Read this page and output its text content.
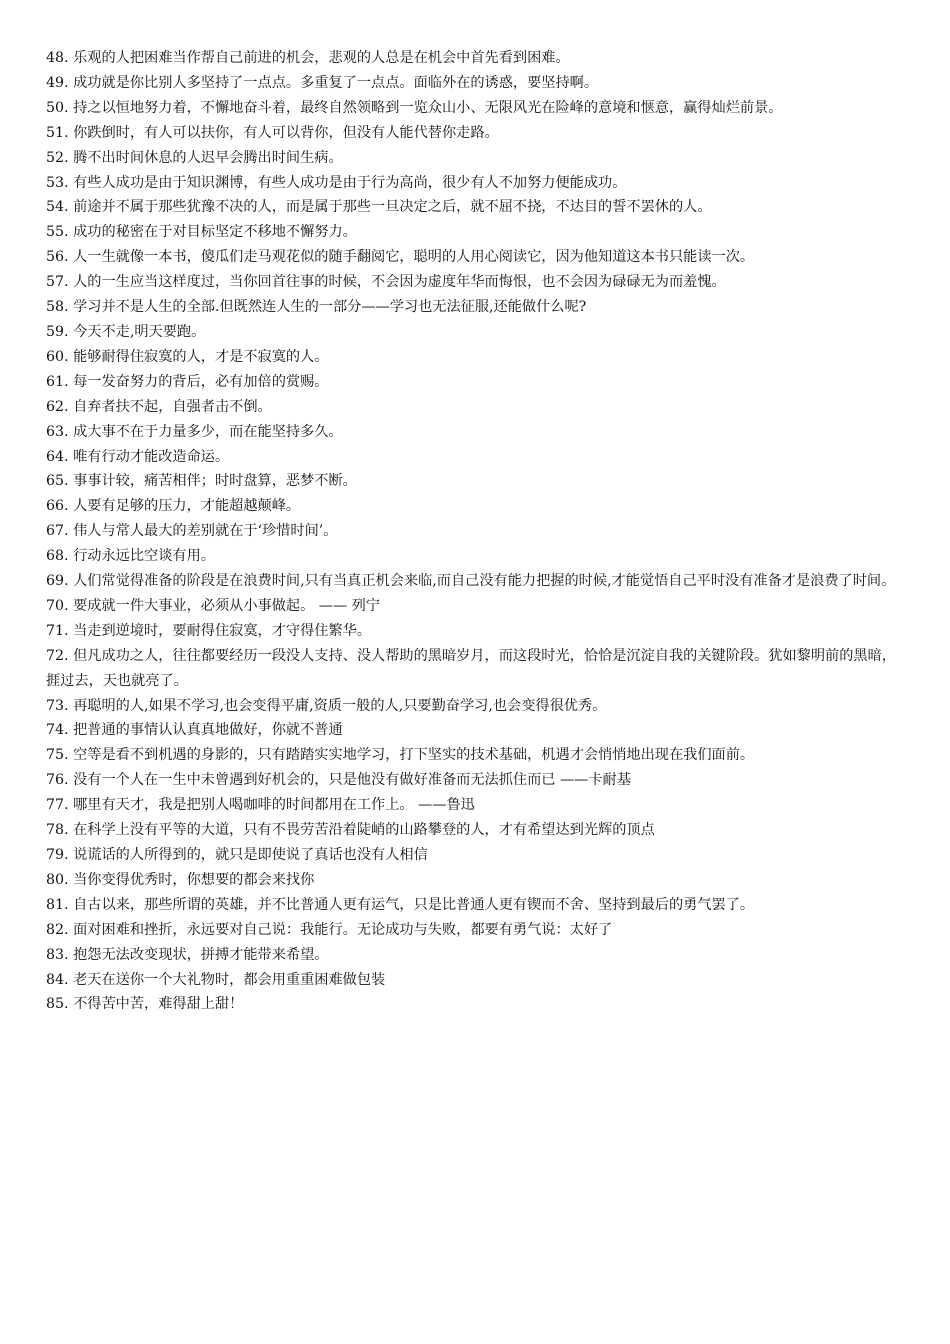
48. 乐观的人把困难当作帮自己前进的机会，悲观的人总是在机会中首先看到困难。

49. 成功就是你比别人多坚持了一点点。多重复了一点点。面临外在的诱惑，要坚持啊。

50. 持之以恒地努力着，不懈地奋斗着，最终自然领略到一览众山小、无限风光在险峰的意境和惬意，赢得灿烂前景。

51. 你跌倒时，有人可以扶你，有人可以背你，但没有人能代替你走路。

52. 腾不出时间休息的人迟早会腾出时间生病。

53. 有些人成功是由于知识渊博，有些人成功是由于行为高尚，很少有人不加努力便能成功。

54. 前途并不属于那些犹豫不决的人，而是属于那些一旦决定之后，就不屈不挠，不达目的誓不罢休的人。

55. 成功的秘密在于对目标坚定不移地不懈努力。

56. 人一生就像一本书，傻瓜们走马观花似的随手翻阅它，聪明的人用心阅读它，因为他知道这本书只能读一次。

57. 人的一生应当这样度过，当你回首往事的时候，不会因为虚度年华而悔恨，也不会因为碌碌无为而羞愧。

58. 学习并不是人生的全部.但既然连人生的一部分——学习也无法征服,还能做什么呢?

59. 今天不走,明天要跑。

60. 能够耐得住寂寞的人，才是不寂寞的人。

61. 每一发奋努力的背后，必有加倍的赏赐。

62. 自弃者扶不起，自强者击不倒。

63. 成大事不在于力量多少，而在能坚持多久。

64. 唯有行动才能改造命运。

65. 事事计较，痛苦相伴；时时盘算，恶梦不断。

66. 人要有足够的压力，才能超越颠峰。

67. 伟人与常人最大的差别就在于‘珍惜时间’。

68. 行动永远比空谈有用。

69. 人们常觉得准备的阶段是在浪费时间,只有当真正机会来临,而自己没有能力把握的时候,才能觉悟自己平时没有准备才是浪费了时间。

70. 要成就一件大事业，必须从小事做起。 —— 列宁

71. 当走到逆境时，要耐得住寂寞，才守得住繁华。

72. 但凡成功之人，往往都要经历一段没人支持、没人帮助的黑暗岁月，而这段时光，恰恰是沉淀自我的关键阶段。犹如黎明前的黑暗，捱过去，天也就亮了。

73. 再聪明的人,如果不学习,也会变得平庸,资质一般的人,只要勤奋学习,也会变得很优秀。

74. 把普通的事情认认真真地做好，你就不普通

75. 空等是看不到机遇的身影的，只有踏踏实实地学习，打下坚实的技术基础，机遇才会悄悄地出现在我们面前。

76. 没有一个人在一生中未曾遇到好机会的，只是他没有做好准备而无法抓住而已 ——卡耐基

77. 哪里有天才，我是把别人喝咖啡的时间都用在工作上。 ——鲁迅

78. 在科学上没有平等的大道，只有不畏劳苦沿着陡峭的山路攀登的人，才有希望达到光辉的顶点

79. 说谎话的人所得到的，就只是即使说了真话也没有人相信

80. 当你变得优秀时，你想要的都会来找你

81. 自古以来，那些所谓的英雄，并不比普通人更有运气，只是比普通人更有锲而不舍、坚持到最后的勇气罢了。

82. 面对困难和挫折，永远要对自己说：我能行。无论成功与失败，都要有勇气说：太好了

83. 抱怨无法改变现状，拼搏才能带来希望。

84. 老天在送你一个大礼物时，都会用重重困难做包装

85. 不得苦中苦，难得甜上甜！
